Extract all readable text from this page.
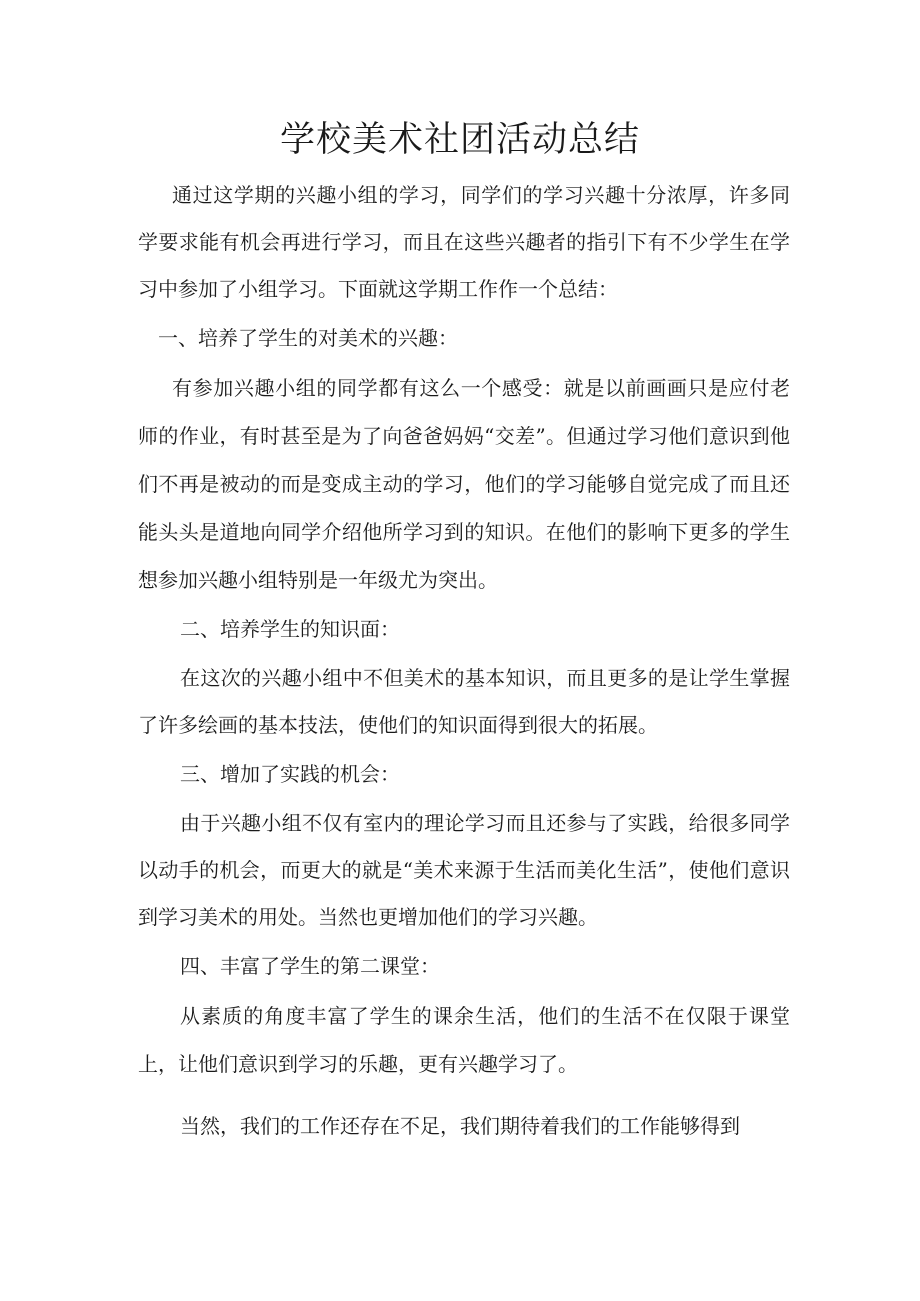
学校美术社团活动总结

通过这学期的兴趣小组的学习，同学们的学习兴趣十分浓厚，许多同学要求能有机会再进行学习，而且在这些兴趣者的指引下有不少学生在学习中参加了小组学习。下面就这学期工作作一个总结：

一、培养了学生的对美术的兴趣：

有参加兴趣小组的同学都有这么一个感受：就是以前画画只是应付老师的作业，有时甚至是为了向爸爸妈妈“交差”。但通过学习他们意识到他们不再是被动的而是变成主动的学习，他们的学习能够自觉完成了而且还能头头是道地向同学介绍他所学习到的知识。在他们的影响下更多的学生想参加兴趣小组特别是一年级尤为突出。

二、培养学生的知识面：

在这次的兴趣小组中不但美术的基本知识，而且更多的是让学生掌握了许多绘画的基本技法，使他们的知识面得到很大的拓展。

三、增加了实践的机会：

由于兴趣小组不仅有室内的理论学习而且还参与了实践，给很多同学以动手的机会，而更大的就是“美术来源于生活而美化生活”，使他们意识到学习美术的用处。当然也更增加他们的学习兴趣。

四、丰富了学生的第二课堂：

从素质的角度丰富了学生的课余生活，他们的生活不在仅限于课堂上，让他们意识到学习的乐趣，更有兴趣学习了。

当然，我们的工作还存在不足，我们期待着我们的工作能够得到
